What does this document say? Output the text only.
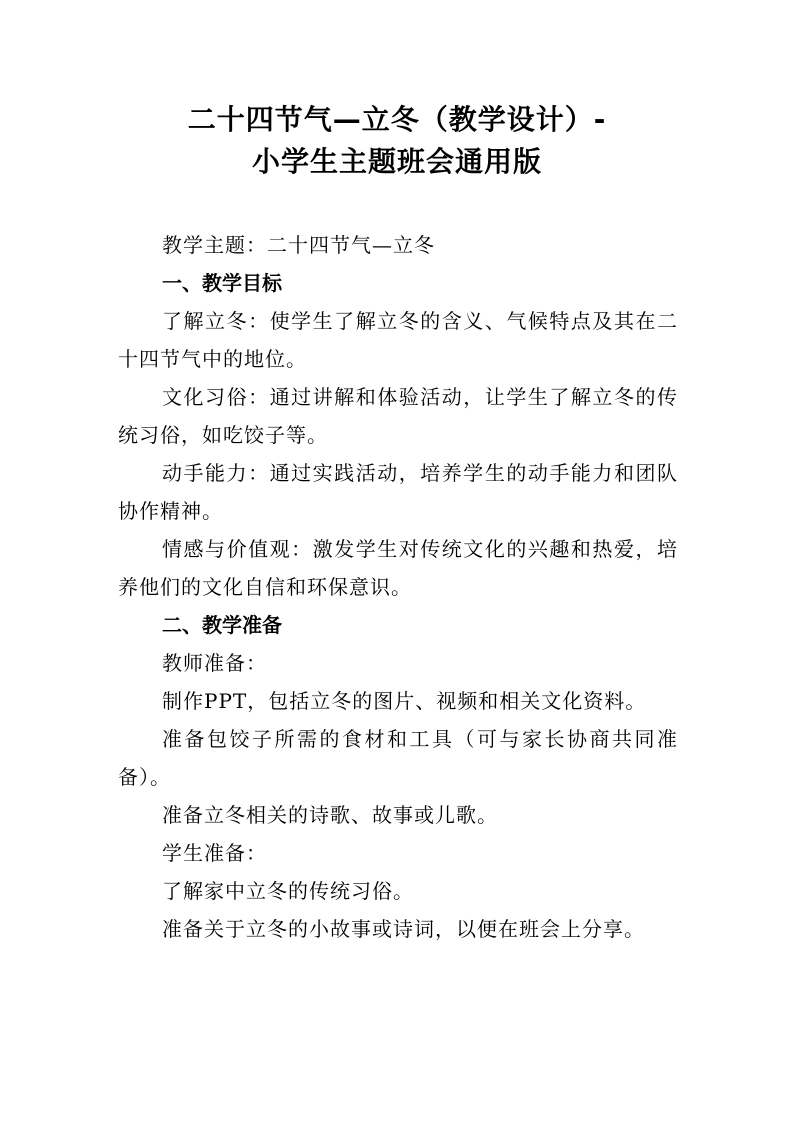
二十四节气—立冬（教学设计）-
小学生主题班会通用版

教学主题：二十四节气—立冬

一、教学目标

了解立冬：使学生了解立冬的含义、气候特点及其在二十四节气中的地位。

文化习俗：通过讲解和体验活动，让学生了解立冬的传统习俗，如吃饺子等。

动手能力：通过实践活动，培养学生的动手能力和团队协作精神。

情感与价值观：激发学生对传统文化的兴趣和热爱，培养他们的文化自信和环保意识。

二、教学准备

教师准备：

制作PPT，包括立冬的图片、视频和相关文化资料。

准备包饺子所需的食材和工具（可与家长协商共同准备）。

准备立冬相关的诗歌、故事或儿歌。

学生准备：

了解家中立冬的传统习俗。

准备关于立冬的小故事或诗词，以便在班会上分享。
